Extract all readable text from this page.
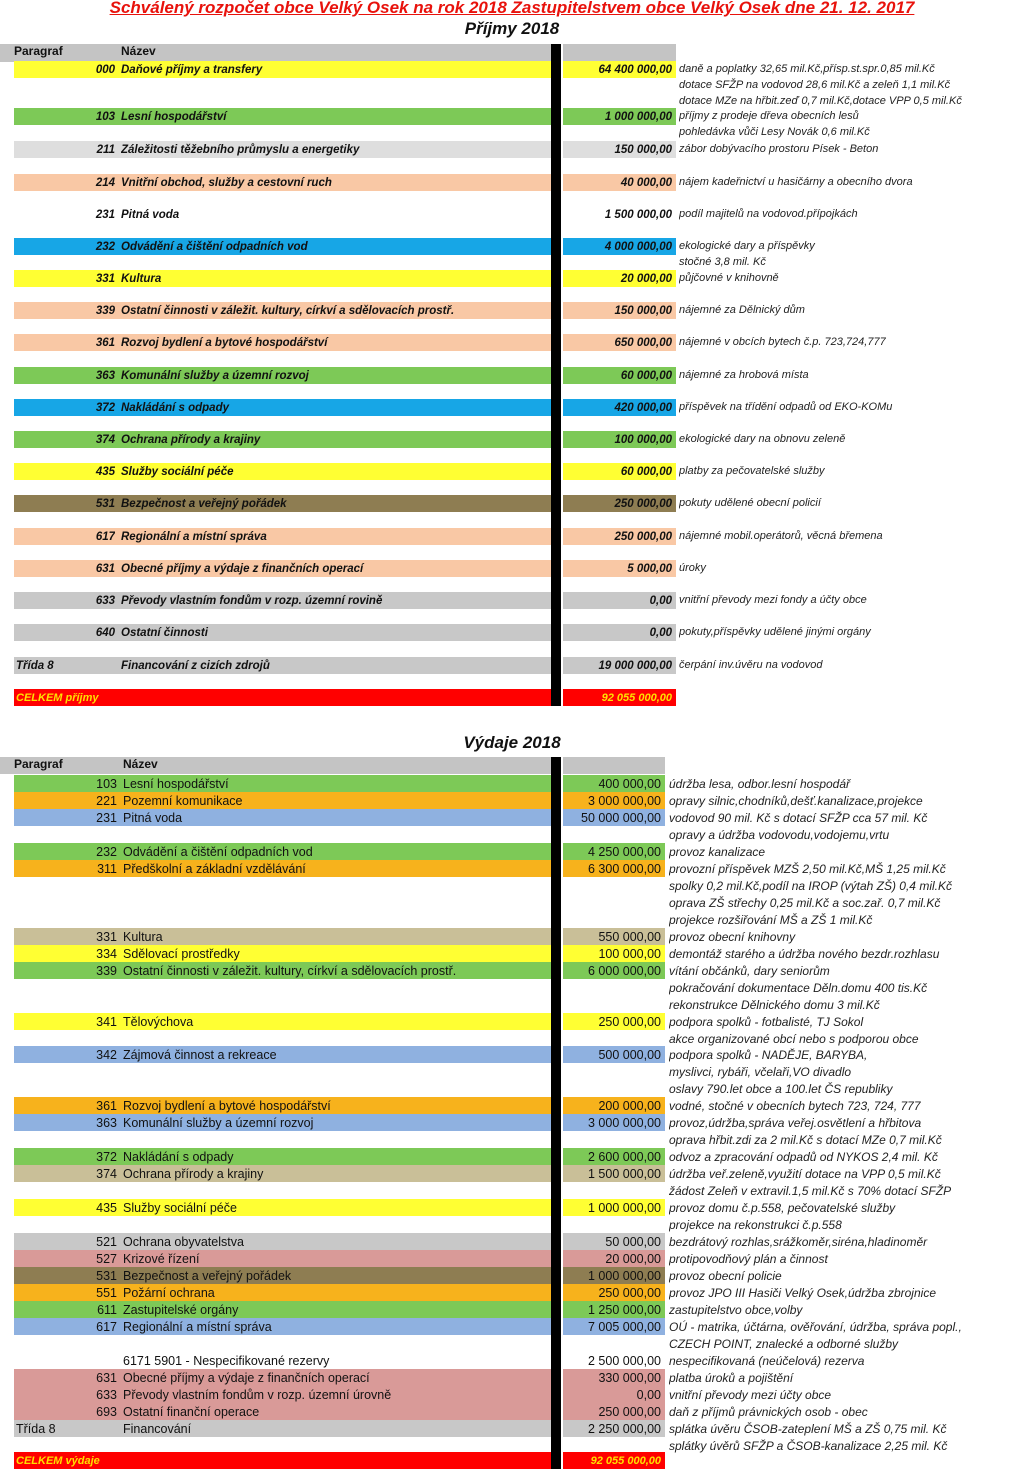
Schválený rozpočet obce Velký Osek na rok 2018 Zastupitelstvem obce Velký Osek dne 21. 12. 2017
Příjmy 2018
Paragraf	Název
000 Daňové příjmy a transfery	64 400 000,00 daně a poplatky 32,65 mil.Kč,přísp.st.spr.0,85 mil.Kč
dotace SFŽP na vodovod 28,6 mil.Kč a zeleň 1,1 mil.Kč
dotace MZe na hřbit.zeď 0,7 mil.Kč,dotace VPP 0,5 mil.Kč
103 Lesní hospodářství	1 000 000,00 příjmy z prodeje dřeva obecních lesů
pohledávka vůči Lesy Novák 0,6 mil.Kč
211 Záležitosti těžebního průmyslu a energetiky	150 000,00 zábor dobývacího prostoru Písek - Beton
214 Vnitřní obchod, služby a cestovní ruch	40 000,00 nájem kadeřnictví u hasičárny a obecního dvora
231 Pitná voda	1 500 000,00 podíl majitelů na vodovod.přípojkách
232 Odvádění a čištění odpadních vod	4 000 000,00 ekologické dary a příspěvky
stočné 3,8 mil. Kč
331 Kultura	20 000,00 půjčovné v knihovně
339 Ostatní činnosti v záležit. kultury, církví a sdělovacích prostř.	150 000,00 nájemné za Dělnický dům
361 Rozvoj bydlení a bytové hospodářství	650 000,00 nájemné v obcích bytech č.p. 723,724,777
363 Komunální služby a územní rozvoj	60 000,00 nájemné za hrobová místa
372 Nakládání s odpady	420 000,00 příspěvek na třídění odpadů od EKO-KOMu
374 Ochrana přírody a krajiny	100 000,00 ekologické dary na obnovu zeleně
435 Služby sociální péče	60 000,00 platby za pečovatelské služby
531 Bezpečnost a veřejný pořádek	250 000,00 pokuty udělené obecní policií
617 Regionální a místní správa	250 000,00 nájemné mobil.operátorů, věcná břemena
631 Obecné příjmy a výdaje z finančních operací	5 000,00 úroky
633 Převody vlastním fondům v rozp. územní rovině	0,00 vnitřní převody mezi fondy a účty obce
640 Ostatní činnosti	0,00 pokuty,příspěvky udělené jinými orgány
Třída 8	Financování z cizích zdrojů	19 000 000,00 čerpání inv.úvěru na vodovod
CELKEM příjmy	92 055 000,00
Výdaje 2018
Paragraf	Název
103 Lesní hospodářství	400 000,00 údržba lesa, odbor.lesní hospodář
221 Pozemní komunikace	3 000 000,00 opravy silnic,chodníků,dešť.kanalizace,projekce
231 Pitná voda	50 000 000,00 vodovod 90 mil. Kč s dotací SFŽP cca 57 mil. Kč
opravy a údržba vodovodu,vodojemu,vrtu
232 Odvádění a čištění odpadních vod	4 250 000,00 provoz kanalizace
311 Předškolní a základní vzdělávání	6 300 000,00 provozní příspěvek MZŠ 2,50 mil.Kč,MŠ 1,25 mil.Kč
spolky 0,2 mil.Kč,podíl na IROP (výtah ZŠ) 0,4 mil.Kč
oprava ZŠ střechy 0,25 mil.Kč a soc.zař. 0,7 mil.Kč
projekce rozšiřování MŠ a ZŠ 1 mil.Kč
331 Kultura	550 000,00 provoz obecní knihovny
334 Sdělovací prostředky	100 000,00 demontáž starého a údržba nového bezdr.rozhlasu
339 Ostatní činnosti v záležit. kultury, církví a sdělovacích prostř.	6 000 000,00 vítání občánků, dary seniorům
pokračování dokumentace Děln.domu 400 tis.Kč
rekonstrukce Dělnického domu 3 mil.Kč
341 Tělovýchova	250 000,00 podpora spolků - fotbalisté, TJ Sokol
akce organizované obcí nebo s podporou obce
342 Zájmová činnost a rekreace	500 000,00 podpora spolků - NADĚJE, BARYBA,
myslivci, rybáři, včelaři,VO divadlo
oslavy 790.let obce a 100.let ČS republiky
361 Rozvoj bydlení a bytové hospodářství	200 000,00 vodné, stočné v obecních bytech 723, 724, 777
363 Komunální služby a územní rozvoj	3 000 000,00 provoz,údržba,správa veřej.osvětlení a hřbitova
oprava hřbit.zdi za 2 mil.Kč s dotací MZe 0,7 mil.Kč
372 Nakládání s odpady	2 600 000,00 odvoz a zpracování odpadů od NYKOS 2,4 mil. Kč
374 Ochrana přírody a krajiny	1 500 000,00 údržba veř.zeleně,využití dotace na VPP 0,5 mil.Kč
žádost Zeleň v extravil.1,5 mil.Kč s 70% dotací SFŽP
435 Služby sociální péče	1 000 000,00 provoz domu č.p.558, pečovatelské služby
projekce na rekonstrukci č.p.558
521 Ochrana obyvatelstva	50 000,00 bezdrátový rozhlas,srážkoměr,siréna,hladinoměr
527 Krizové řízení	20 000,00 protipovodňový plán a činnost
531 Bezpečnost a veřejný pořádek	1 000 000,00 provoz obecní policie
551 Požární ochrana	250 000,00 provoz JPO III Hasiči Velký Osek,údržba zbrojnice
611 Zastupitelské orgány	1 250 000,00 zastupitelstvo obce,volby
617 Regionální a místní správa	7 005 000,00 OÚ - matrika, účtárna, ověřování, údržba, správa popl.,
CZECH POINT, znalecké a odborné služby
6171 5901 - Nespecifikované rezervy	2 500 000,00 nespecifikovaná (neúčelová) rezerva
631 Obecné příjmy a výdaje z finančních operací	330 000,00 platba úroků a pojištění
633 Převody vlastním fondům v rozp. územní úrovně	0,00 vnitřní převody mezi účty obce
693 Ostatní finanční operace	250 000,00 daň z příjmů právnických osob - obec
Třída 8	Financování	2 250 000,00 splátka úvěru ČSOB-zateplení MŠ a ZŠ 0,75 mil. Kč
splátky úvěrů SFŽP a ČSOB-kanalizace 2,25 mil. Kč
CELKEM výdaje	92 055 000,00
